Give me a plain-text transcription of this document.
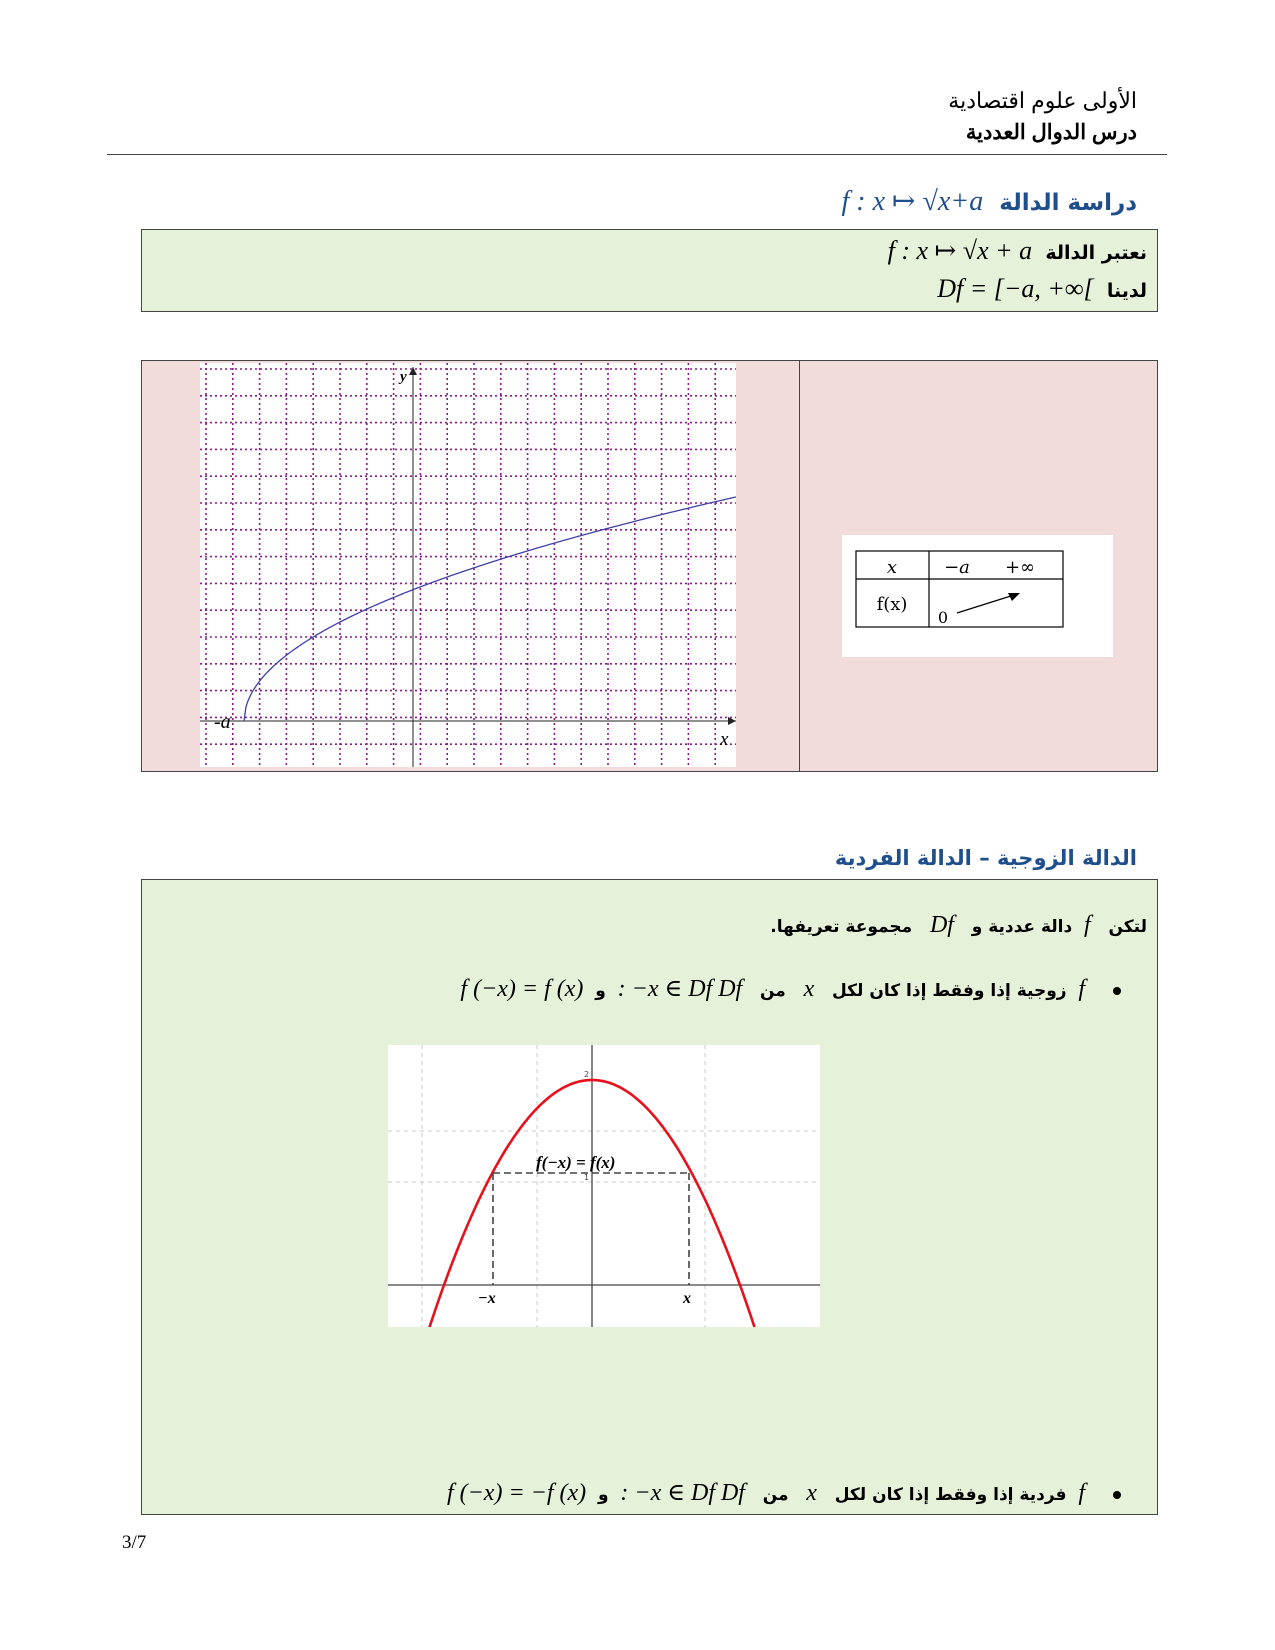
الأولى علوم اقتصادية
درس الدوال العددية
دراسة الدالة  f : x ↦ √x+a
نعتبر الدالة  f : x ↦ √x + a
لدينا  Df = [−a, +∞[
y
x
-a
x
f(x)
−a +∞
0
الدالة الزوجية – الدالة الفردية
لتكن   f  دالة عددية و   Df   مجموعة تعريفها.
f  زوجية إذا وفقط إذا كان لكل   x   من   Df : −x ∈ Df  و  f (−x) = f (x)
2
1
f(−x) = f(x)
−x	x
f  فردية إذا وفقط إذا كان لكل   x   من   Df : −x ∈ Df  و  f (−x) = −f (x)
3/7
